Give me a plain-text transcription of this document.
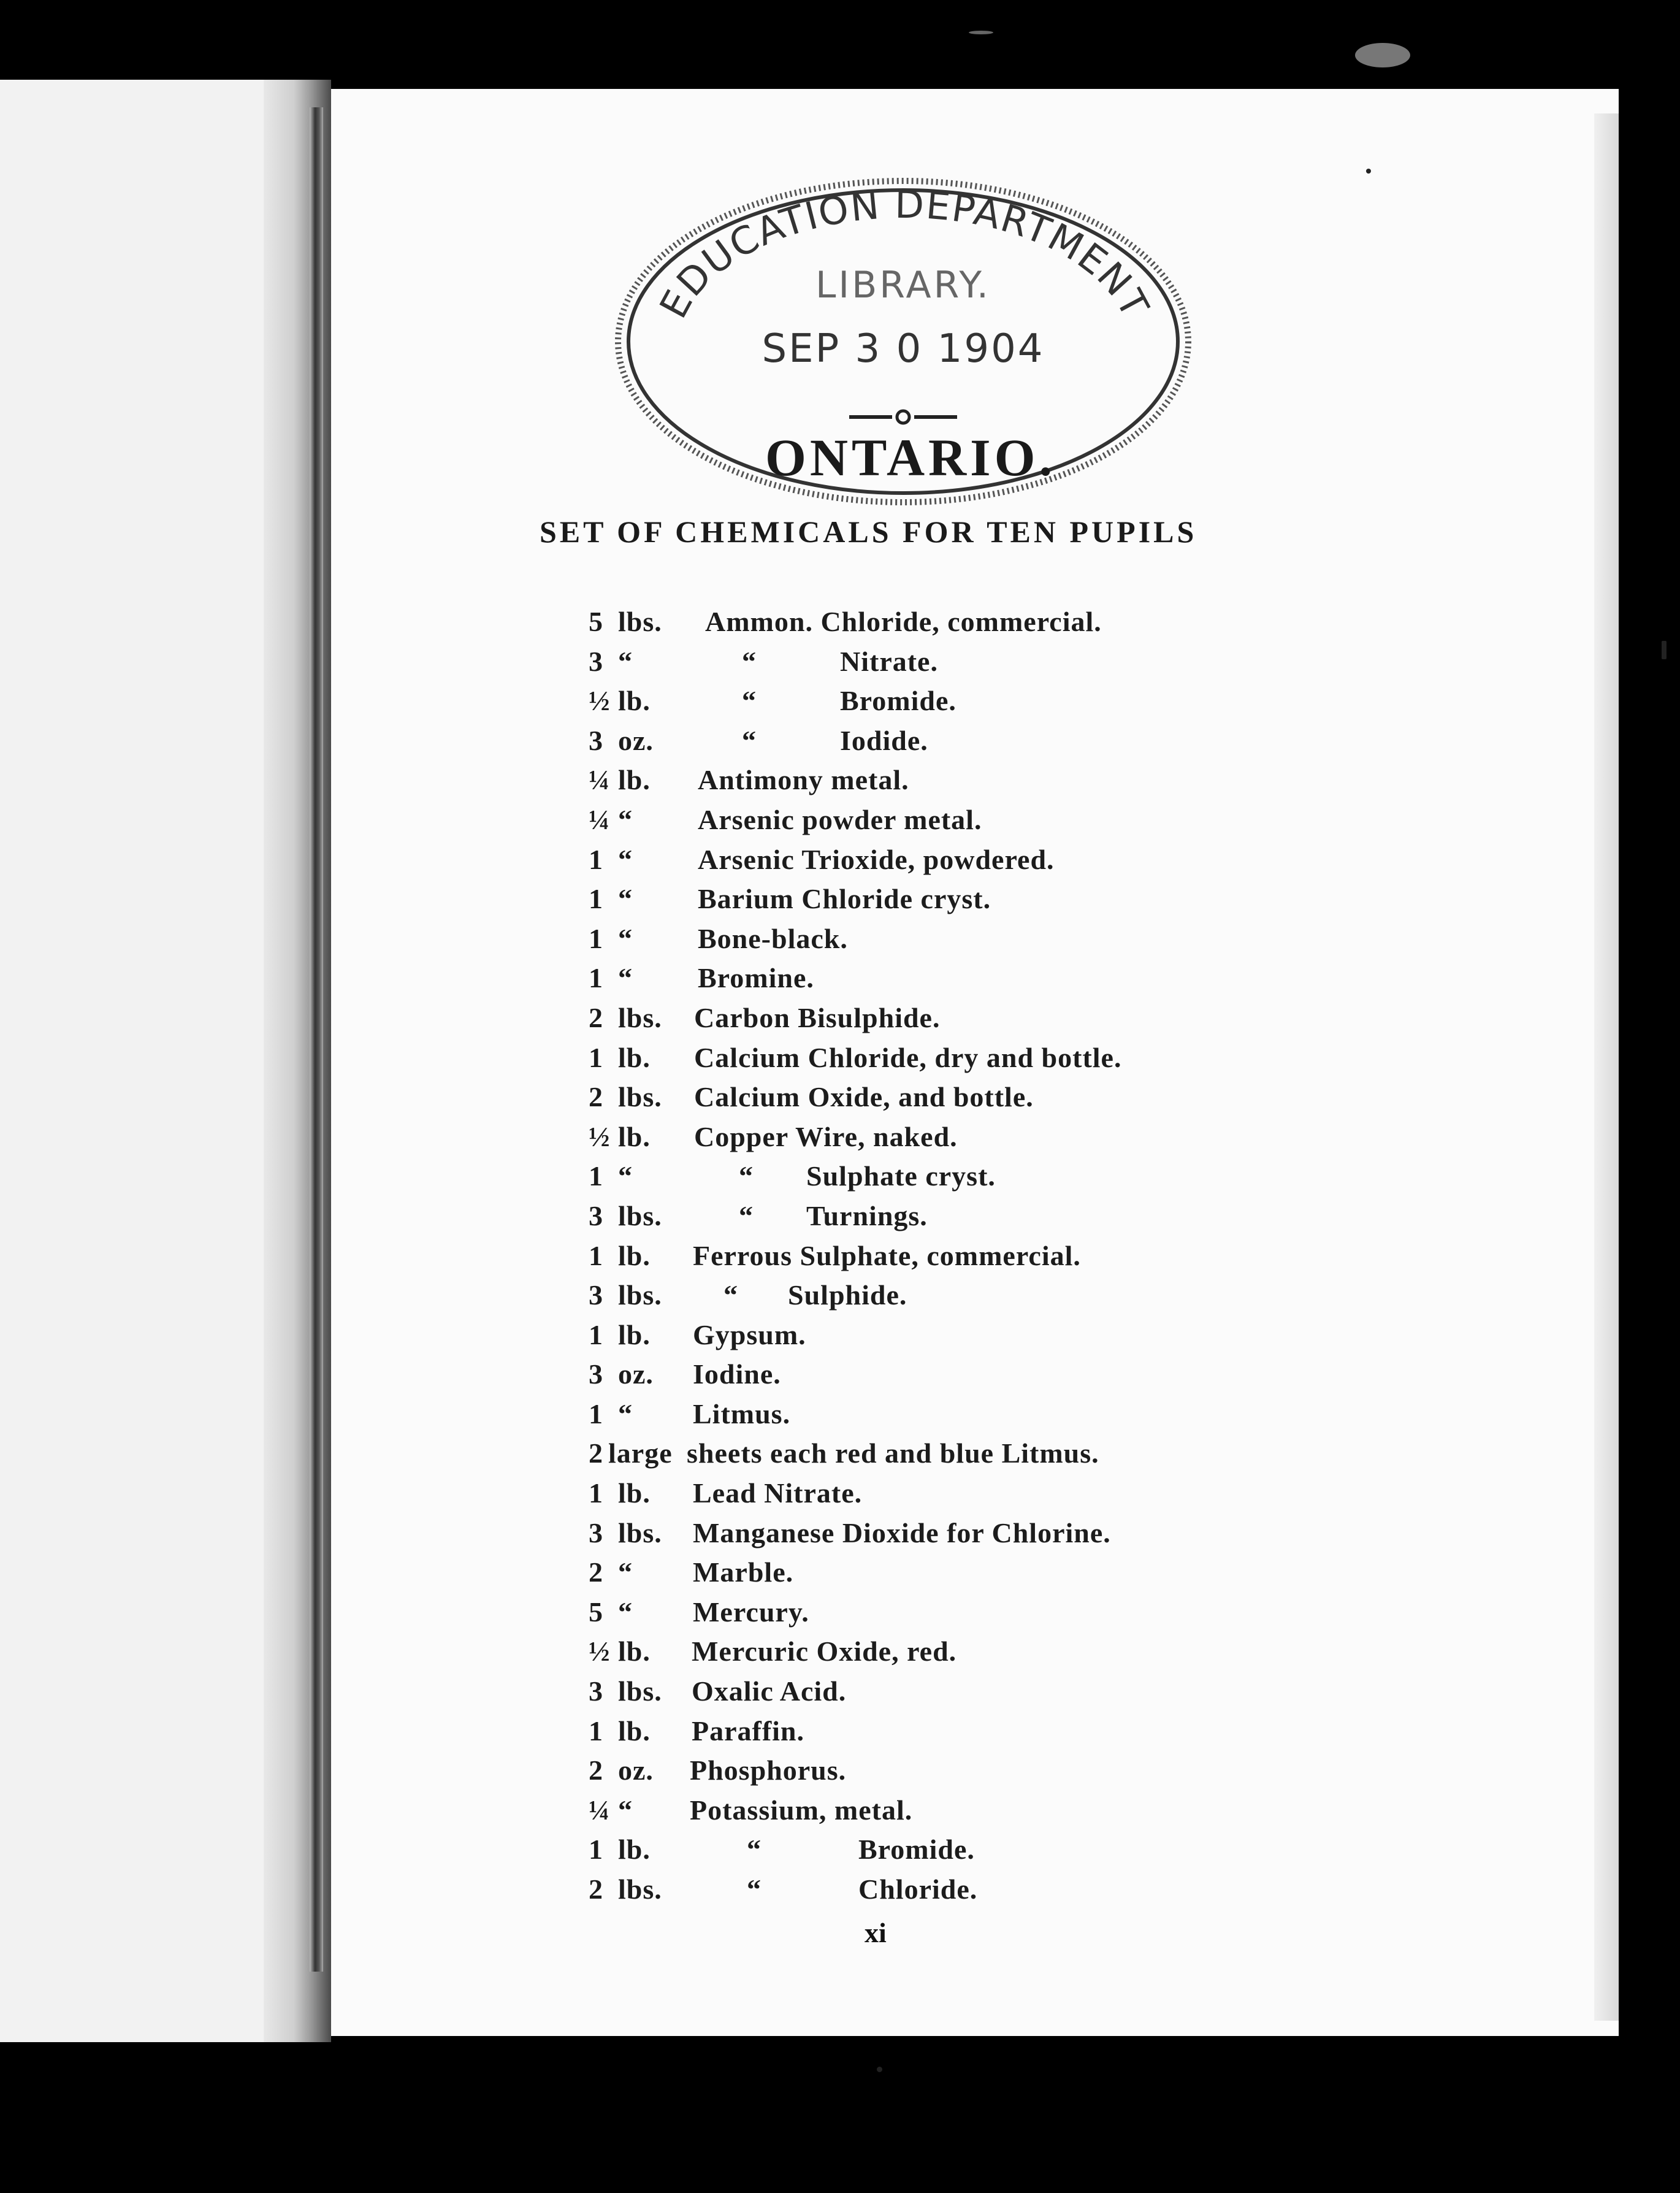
EDUCATION DEPARTMENT
LIBRARY.
SEP 3 0 1904
ONTARIO.
SET OF CHEMICALS FOR TEN PUPILS
5 lbs. Ammon. Chloride, commercial.
3 “	“	Nitrate.
½ lb.	“	Bromide.
3 oz.	“	Iodide.
¼ lb. Antimony metal.
¼ “ Arsenic powder metal.
1 “ Arsenic Trioxide, powdered.
1 “ Barium Chloride cryst.
1 “ Bone-black.
1 “ Bromine.
2 lbs. Carbon Bisulphide.
1 lb. Calcium Chloride, dry and bottle.
2 lbs. Calcium Oxide, and bottle.
½ lb. Copper Wire, naked.
1 “	“ Sulphate cryst.
3 lbs.	“ Turnings.
1 lb. Ferrous Sulphate, commercial.
3 lbs. “ Sulphide.
1 lb. Gypsum.
3 oz. Iodine.
1 “ Litmus.
2 large sheets each red and blue Litmus.
1 lb. Lead Nitrate.
3 lbs. Manganese Dioxide for Chlorine.
2 “ Marble.
5 “ Mercury.
½ lb. Mercuric Oxide, red.
3 lbs. Oxalic Acid.
1 lb. Paraffin.
2 oz. Phosphorus.
¼ “ Potassium, metal.
1 lb.	“	Bromide.
2 lbs.	“	Chloride.
xi
